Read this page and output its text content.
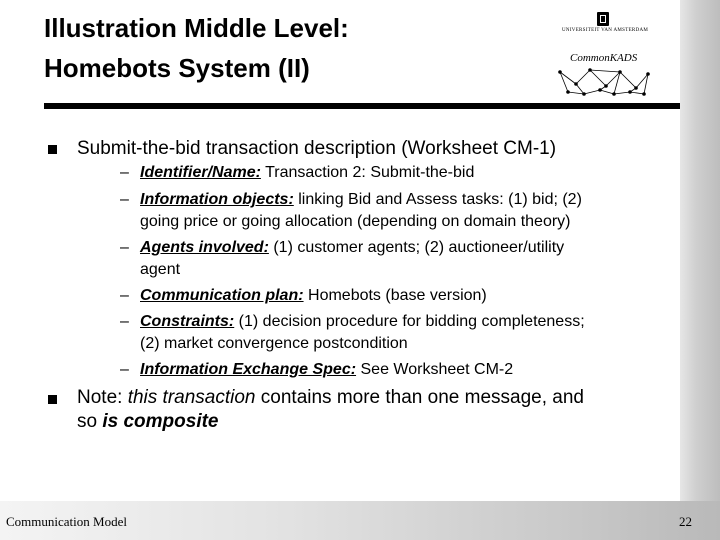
Illustration Middle Level:
Homebots System (II)
UNIVERSITEIT VAN AMSTERDAM
CommonKADS
Submit-the-bid transaction description (Worksheet CM-1)
– Identifier/Name: Transaction 2: Submit-the-bid
– Information objects: linking Bid and Assess tasks: (1) bid; (2)
going price or going allocation (depending on domain theory)
– Agents involved: (1) customer agents; (2) auctioneer/utility
agent
– Communication plan: Homebots (base version)
– Constraints: (1) decision procedure for bidding completeness;
(2) market convergence postcondition
– Information Exchange Spec: See Worksheet CM-2
Note: this transaction contains more than one message, and
so is composite
Communication Model	22
